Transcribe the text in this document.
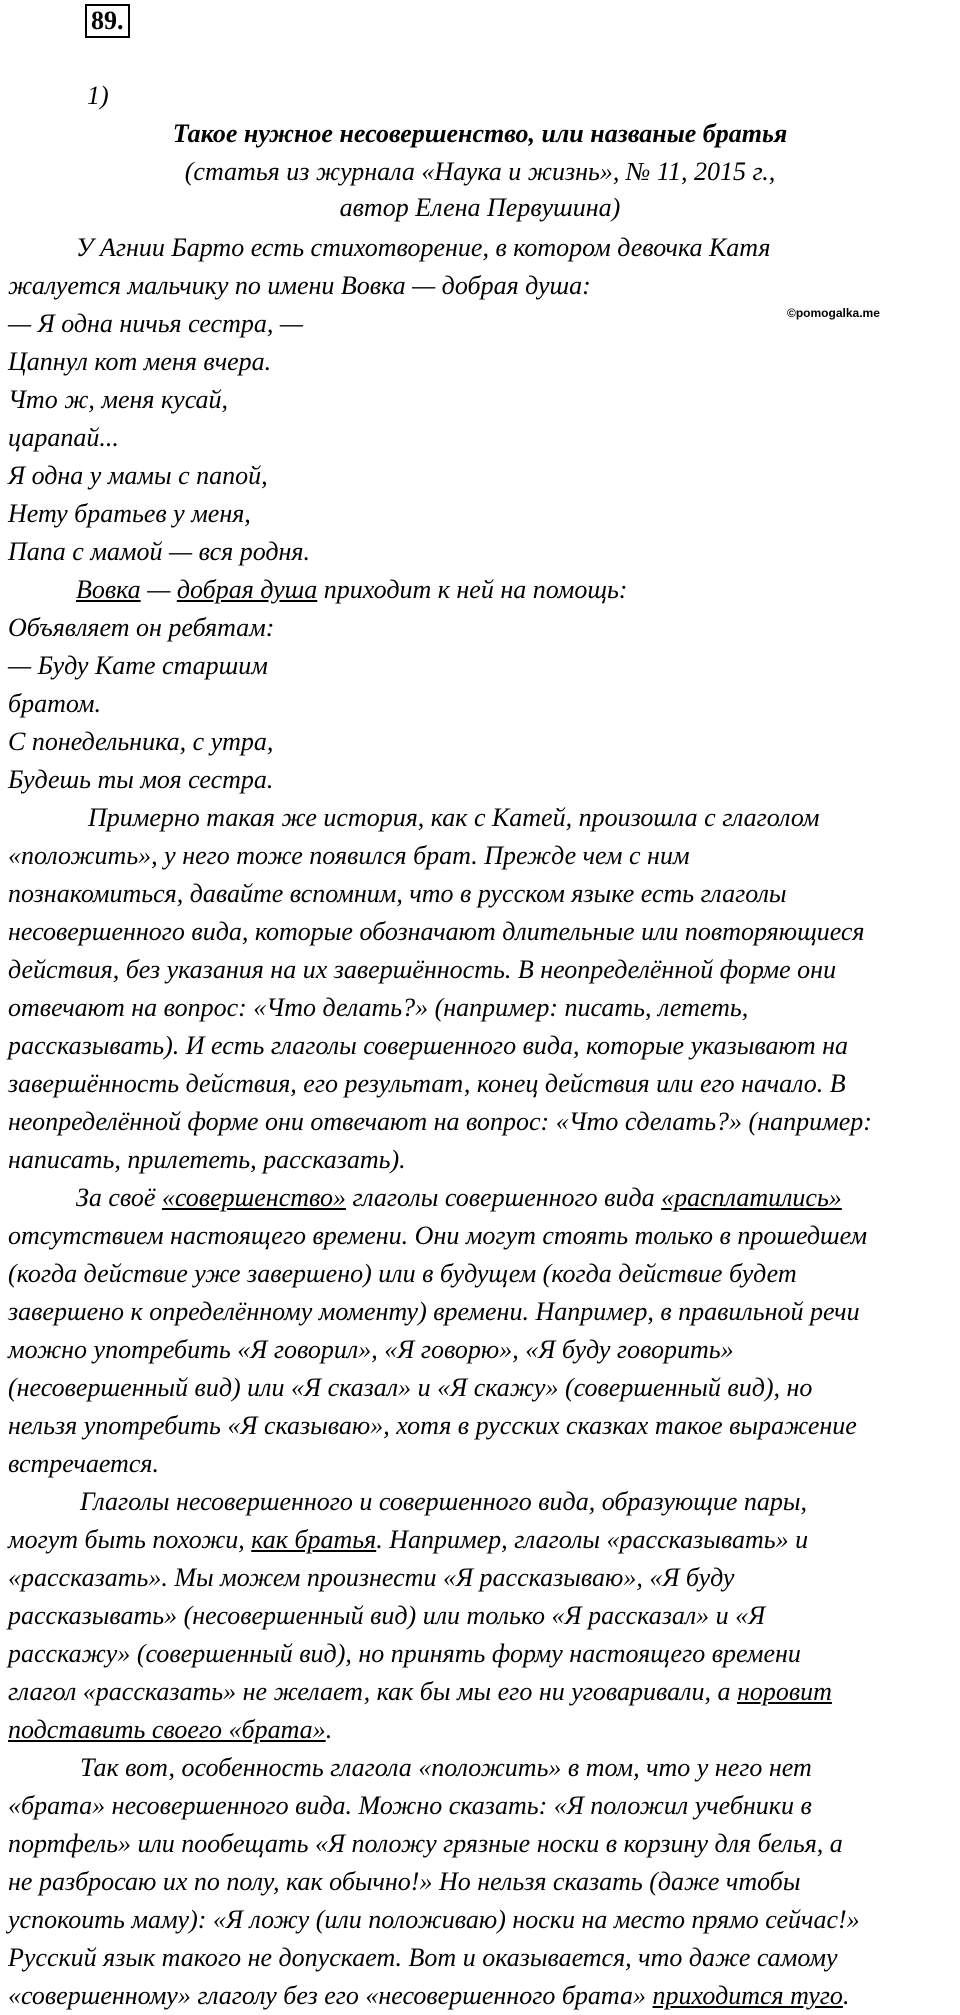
89.
1)
Такое нужное несовершенство, или названые братья
(статья из журнала «Наука и жизнь», № 11, 2015 г.,
автор Елена Первушина)
©pomogalka.me
У Агнии Барто есть стихотворение, в котором девочка Катя
жалуется мальчику по имени Вовка — добрая душа:
— Я одна ничья сестра, —
Цапнул кот меня вчера.
Что ж, меня кусай,
царапай...
Я одна у мамы с папой,
Нету братьев у меня,
Папа с мамой — вся родня.
Вовка — добрая душа приходит к ней на помощь:
Объявляет он ребятам:
— Буду Кате старшим
братом.
С понедельника, с утра,
Будешь ты моя сестра.
Примерно такая же история, как с Катей, произошла с глаголом
«положить», у него тоже появился брат. Прежде чем с ним
познакомиться, давайте вспомним, что в русском языке есть глаголы
несовершенного вида, которые обозначают длительные или повторяющиеся
действия, без указания на их завершённость. В неопределённой форме они
отвечают на вопрос: «Что делать?» (например: писать, лететь,
рассказывать). И есть глаголы совершенного вида, которые указывают на
завершённость действия, его результат, конец действия или его начало. В
неопределённой форме они отвечают на вопрос: «Что сделать?» (например:
написать, прилететь, рассказать).
За своё «совершенство» глаголы совершенного вида «расплатились»
отсутствием настоящего времени. Они могут стоять только в прошедшем
(когда действие уже завершено) или в будущем (когда действие будет
завершено к определённому моменту) времени. Например, в правильной речи
можно употребить «Я говорил», «Я говорю», «Я буду говорить»
(несовершенный вид) или «Я сказал» и «Я скажу» (совершенный вид), но
нельзя употребить «Я сказываю», хотя в русских сказках такое выражение
встречается.
Глаголы несовершенного и совершенного вида, образующие пары,
могут быть похожи, как братья. Например, глаголы «рассказывать» и
«рассказать». Мы можем произнести «Я рассказываю», «Я буду
рассказывать» (несовершенный вид) или только «Я рассказал» и «Я
расскажу» (совершенный вид), но принять форму настоящего времени
глагол «рассказать» не желает, как бы мы его ни уговаривали, а норовит
подставить своего «брата».
Так вот, особенность глагола «положить» в том, что у него нет
«брата» несовершенного вида. Можно сказать: «Я положил учебники в
портфель» или пообещать «Я положу грязные носки в корзину для белья, а
не разбросаю их по полу, как обычно!» Но нельзя сказать (даже чтобы
успокоить маму): «Я ложу (или положиваю) носки на место прямо сейчас!»
Русский язык такого не допускает. Вот и оказывается, что даже самому
«совершенному» глаголу без его «несовершенного брата» приходится туго.
